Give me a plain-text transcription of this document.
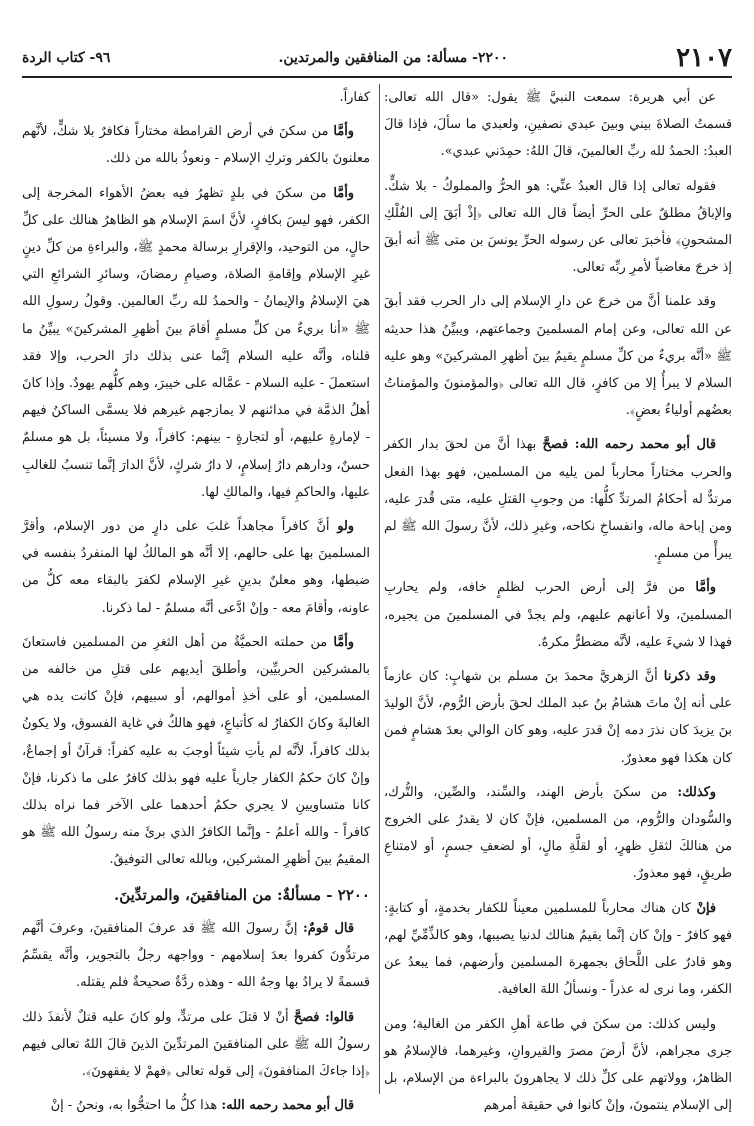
٢١٠٧
٢٢٠٠- مسألة: من المنافقين والمرتدين.
٩٦- كتاب الردة

عن أبي هريرة: سمعت النبيَّ ﷺ يقول: «قال الله تعالى: قسمتُ الصلاةَ بيني وبينَ عبدي نصفينِ، ولعبدي ما سألَ، فإذا قالَ العبدُ: الحمدُ لله ربِّ العالمينَ، قالَ اللهُ: حمِدَني عبدي».

فقوله تعالى إذا قال العبدُ عنِّي: هو الحرُّ والمملوكُ - بلا شكٍّ. والإباقُ مطلقٌ على الحرِّ أيضاً قال الله تعالى ﴿إذْ أبَقَ إلى الفُلْكِ المشحونِ﴾ فأخبرَ تعالى عن رسوله الحرِّ يونسَ بن متى ﷺ أنه أبقَ إذ خرجَ مغاضباً لأمرِ ربِّه تعالى.

وقد علمنا أنَّ من خرجَ عن دارِ الإسلام إلى دار الحرب فقد أبقَ عن الله تعالى، وعن إمام المسلمينَ وجماعتهم، ويبيِّنُ هذا حديثه ﷺ «أنَّه بريءٌ من كلِّ مسلمٍ يقيمُ بينَ أظهرِ المشركينَ» وهو عليه السلام لا يبرأُ إلا من كافرٍ، قال الله تعالى ﴿والمؤمنونَ والمؤمناتُ بعضُهم أولياءُ بعضٍ﴾.

قال أبو محمد رحمه الله: فصحَّ بهذا أنَّ من لحقَ بدار الكفر والحرب مختاراً محارباً لمن يليه من المسلمين، فهو بهذا الفعل مرتدٌّ له أحكامُ المرتدِّ كلُّها: من وجوبِ القتلِ عليه، متى قُدرَ عليه، ومن إباحة ماله، وانفساخِ نكاحه، وغيرِ ذلك، لأنَّ رسولَ الله ﷺ لم يبرأْ من مسلمٍ.

وأمَّا من فرَّ إلى أرض الحرب لظلمٍ خافه، ولم يحاربِ المسلمينَ، ولا أعانهم عليهم، ولم يجدْ في المسلمينَ من يجيره، فهذا لا شيءَ عليه، لأنَّه مضطرٌّ مكرهٌ.

وقد ذكرنا أنَّ الزهريَّ محمدَ بنَ مسلم بن شهابٍ: كان عازماً على أنه إنْ ماتَ هشامُ بنُ عبد الملك لحقَ بأرض الرُّوم، لأنَّ الوليدَ بنَ يزيدَ كان نذرَ دمه إنْ قدرَ عليه، وهو كان الوالي بعدَ هشامٍ فمن كان هكذا فهو معذورٌ.

وكذلك: من سكنَ بأرض الهند، والسِّند، والصِّين، والتُّرك، والسُّودان والرُّوم، من المسلمين، فإنْ كان لا يقدرُ على الخروج من هنالكَ لثقلِ ظهرٍ، أو لقلَّةِ مالٍ، أو لضعفِ جسمٍ، أو لامتناعِ طريقٍ، فهو معذورٌ.

فإنْ كان هناك محارباً للمسلمين معيناً للكفار بخدمةٍ، أو كتابةٍ: فهو كافرٌ - وإنْ كان إنَّما يقيمُ هنالك لدنيا يصيبها، وهو كالذِّمِّيِّ لهم، وهو قادرٌ على اللَّحاق بجمهرة المسلمين وأرضهم، فما يبعدُ عن الكفر، وما نرى له عذراً - ونسألُ اللهَ العافية.

وليس كذلك: من سكنَ في طاعة أهلِ الكفر من الغالية؛ ومن جرى مجراهم، لأنَّ أرضَ مصرَ والقيروانِ، وغيرهما، فالإسلامُ هو الظاهرُ، وولاتهم على كلِّ ذلك لا يجاهرونَ بالبراءة من الإسلام، بل إلى الإسلام ينتمونَ، وإنْ كانوا في حقيقة أمرهم

كفاراً.

وأمَّا من سكنَ في أرض القرامطة مختاراً فكافرٌ بلا شكٍّ، لأنَّهم معلنونَ بالكفر وتركِ الإسلام - ونعوذُ بالله من ذلك.

وأمَّا من سكنَ في بلدٍ تظهرُ فيه بعضُ الأهواء المخرجة إلى الكفر، فهو ليسَ بكافرٍ، لأنَّ اسمَ الإسلام هو الظاهرُ هنالك على كلِّ حالٍ، من التوحيد، والإقرارِ برسالة محمدٍ ﷺ، والبراءةِ من كلِّ دينٍ غيرِ الإسلام وإقامةِ الصلاة، وصيامِ رمضانَ، وسائرِ الشرائعِ التي هيَ الإسلامُ والإيمانُ - والحمدُ لله ربِّ العالمين. وقولُ رسولِ الله ﷺ «أنا بريءٌ من كلِّ مسلمٍ أقامَ بينَ أظهرِ المشركينَ» يبيِّنُ ما قلناه، وأنَّه عليه السلام إنَّما عنى بذلك دارَ الحرب، وإلا فقد استعملَ - عليه السلام - عمَّاله على خيبرَ، وهم كلُّهم يهودٌ. وإذا كانَ أهلُ الذمَّة في مدائنهم لا يمازجهم غيرهم فلا يسمَّى الساكنُ فيهم - لإمارةٍ عليهم، أو لتجارةٍ - بينهم: كافراً، ولا مسيئاً، بل هو مسلمٌ حسنٌ، ودارهم دارُ إسلامٍ، لا دارُ شركٍ، لأنَّ الدارَ إنَّما تنسبُ للغالبِ عليها، والحاكمِ فيها، والمالكِ لها.

ولو أنَّ كافراً مجاهداً غلبَ على دارٍ من دور الإسلام، وأقرَّ المسلمينَ بها على حالهم، إلا أنَّه هو المالكُ لها المنفردُ بنفسه في ضبطها، وهو معلنٌ بدينٍ غيرِ الإسلام لكفرَ بالبقاء معه كلُّ من عاونه، وأقامَ معه - وإنْ ادَّعى أنَّه مسلمٌ - لما ذكرنا.

وأمَّا من حملته الحميَّةُ من أهل الثغرِ من المسلمين فاستعانَ بالمشركين الحربيِّين، وأطلقَ أيديهم على قتلِ من خالفه من المسلمين، أو على أخذِ أموالهم، أو سبيهم، فإنْ كانت يده هي الغالبةَ وكانَ الكفارُ له كأتباعٍ، فهو هالكٌ في غاية الفسوق، ولا يكونُ بذلك كافراً، لأنَّه لم يأتِ شيئاً أوجبَ به عليه كفراً: قرآنٌ أو إجماعٌ، وإنْ كانَ حكمُ الكفار جارياً عليه فهو بذلك كافرٌ على ما ذكرنا، فإنْ كانا متساويينِ لا يجري حكمُ أحدهما على الآخر فما نراه بذلك كافراً - والله أعلمُ - وإنَّما الكافرُ الذي برئَ منه رسولُ الله ﷺ هو المقيمُ بينَ أظهرِ المشركين، وبالله تعالى التوفيقُ.

٢٢٠٠ - مسألةٌ: من المنافقينَ، والمرتدِّينَ.

قال قومٌ: إنَّ رسولَ الله ﷺ قد عرفَ المنافقينَ، وعرفَ أنَّهم مرتدُّونَ كفروا بعدَ إسلامهم - وواجهه رجلٌ بالتجوير، وأنَّه يقسِّمُ قسمةً لا يرادُ بها وجهُ الله - وهذه ردَّةٌ صحيحةٌ فلم يقتله.

قالوا: فصحَّ أنْ لا قتلَ على مرتدٍّ، ولو كانَ عليه قتلٌ لأنفذَ ذلك رسولُ الله ﷺ على المنافقينَ المرتدِّينَ الذينَ قالَ اللهُ تعالى فيهم ﴿إذا جاءكَ المنافقونَ﴾ إلى قوله تعالى ﴿فهمْ لا يفقهونَ﴾.

قال أبو محمد رحمه الله: هذا كلُّ ما احتجُّوا به، ونحنُ - إنْ
